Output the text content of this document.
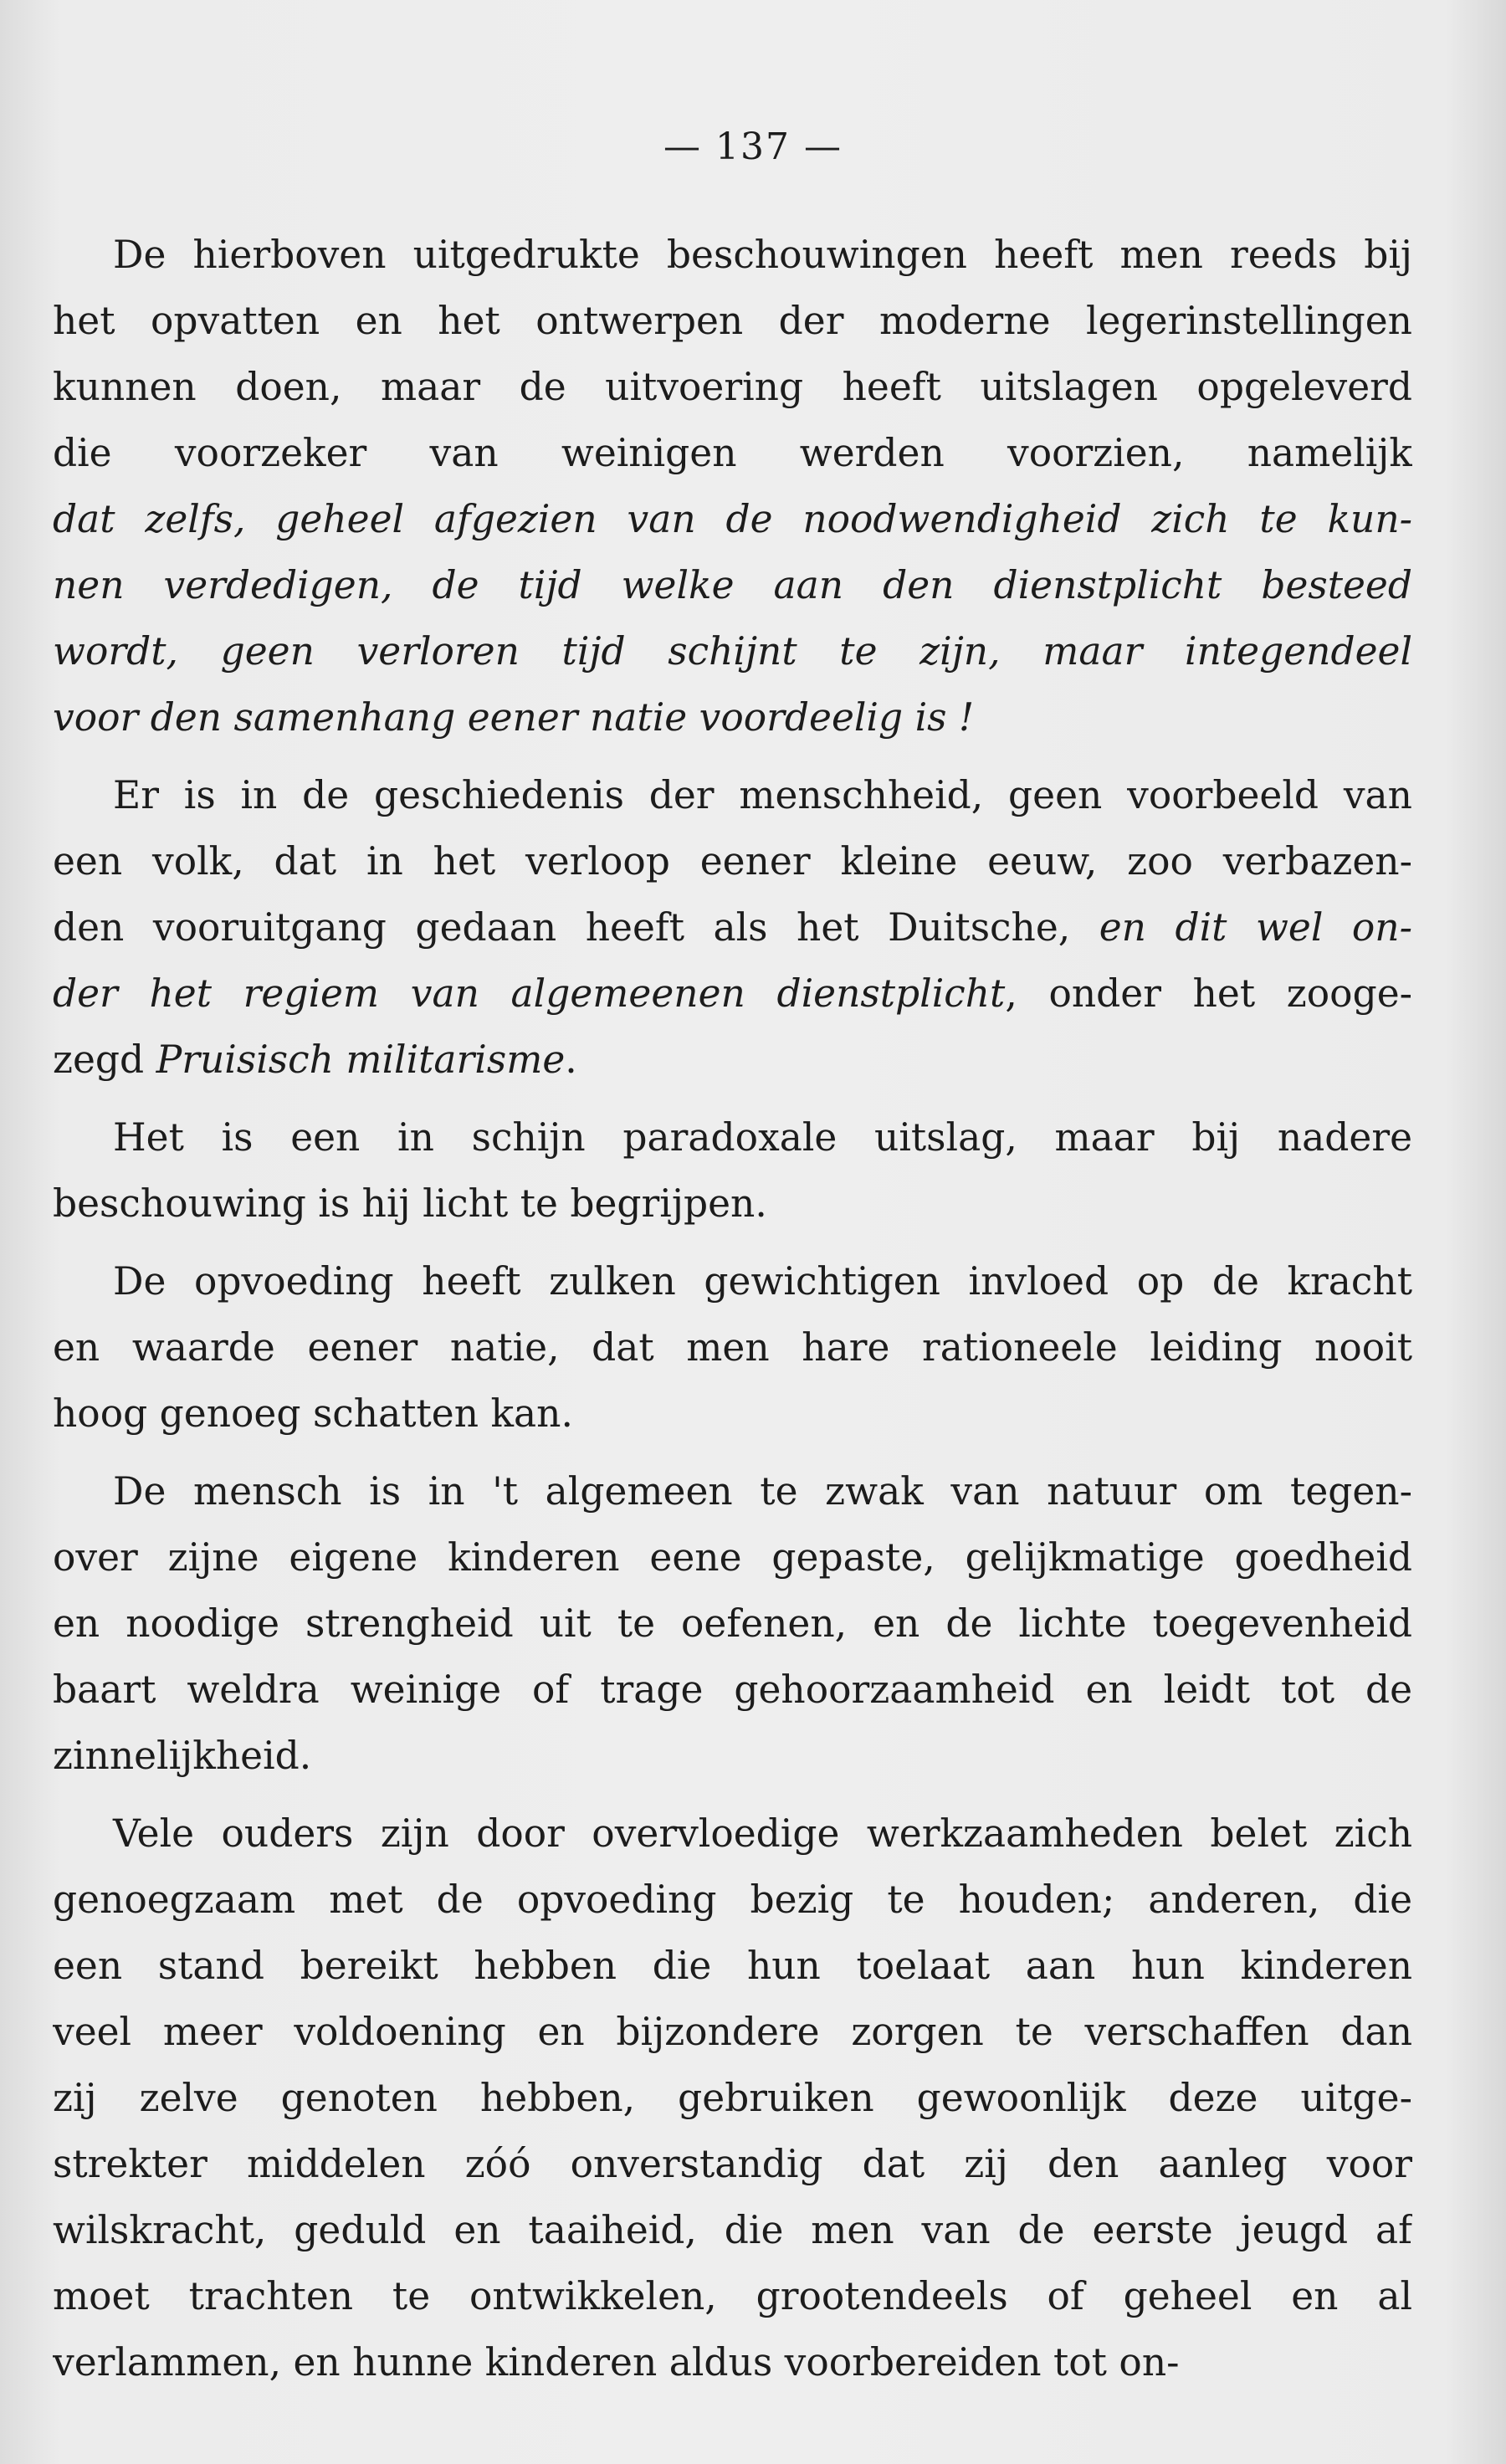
— 137 —
De hierboven uitgedrukte beschouwingen heeft men reeds bij
het opvatten en het ontwerpen der moderne legerinstellingen
kunnen doen, maar de uitvoering heeft uitslagen opgeleverd
die voorzeker van weinigen werden voorzien, namelijk
dat zelfs, geheel afgezien van de noodwendigheid zich te kun-
nen verdedigen, de tijd welke aan den dienstplicht besteed
wordt, geen verloren tijd schijnt te zijn, maar integendeel
voor den samenhang eener natie voordeelig is !
Er is in de geschiedenis der menschheid, geen voorbeeld van
een volk, dat in het verloop eener kleine eeuw, zoo verbazen-
den vooruitgang gedaan heeft als het Duitsche, en dit wel on-
der het regiem van algemeenen dienstplicht, onder het zooge-
zegd Pruisisch militarisme.
Het is een in schijn paradoxale uitslag, maar bij nadere
beschouwing is hij licht te begrijpen.
De opvoeding heeft zulken gewichtigen invloed op de kracht
en waarde eener natie, dat men hare rationeele leiding nooit
hoog genoeg schatten kan.
De mensch is in 't algemeen te zwak van natuur om tegen-
over zijne eigene kinderen eene gepaste, gelijkmatige goedheid
en noodige strengheid uit te oefenen, en de lichte toegevenheid
baart weldra weinige of trage gehoorzaamheid en leidt tot de
zinnelijkheid.
Vele ouders zijn door overvloedige werkzaamheden belet zich
genoegzaam met de opvoeding bezig te houden; anderen, die
een stand bereikt hebben die hun toelaat aan hun kinderen
veel meer voldoening en bijzondere zorgen te verschaffen dan
zij zelve genoten hebben, gebruiken gewoonlijk deze uitge-
strekter middelen zóó onverstandig dat zij den aanleg voor
wilskracht, geduld en taaiheid, die men van de eerste jeugd af
moet trachten te ontwikkelen, grootendeels of geheel en al
verlammen, en hunne kinderen aldus voorbereiden tot on-
